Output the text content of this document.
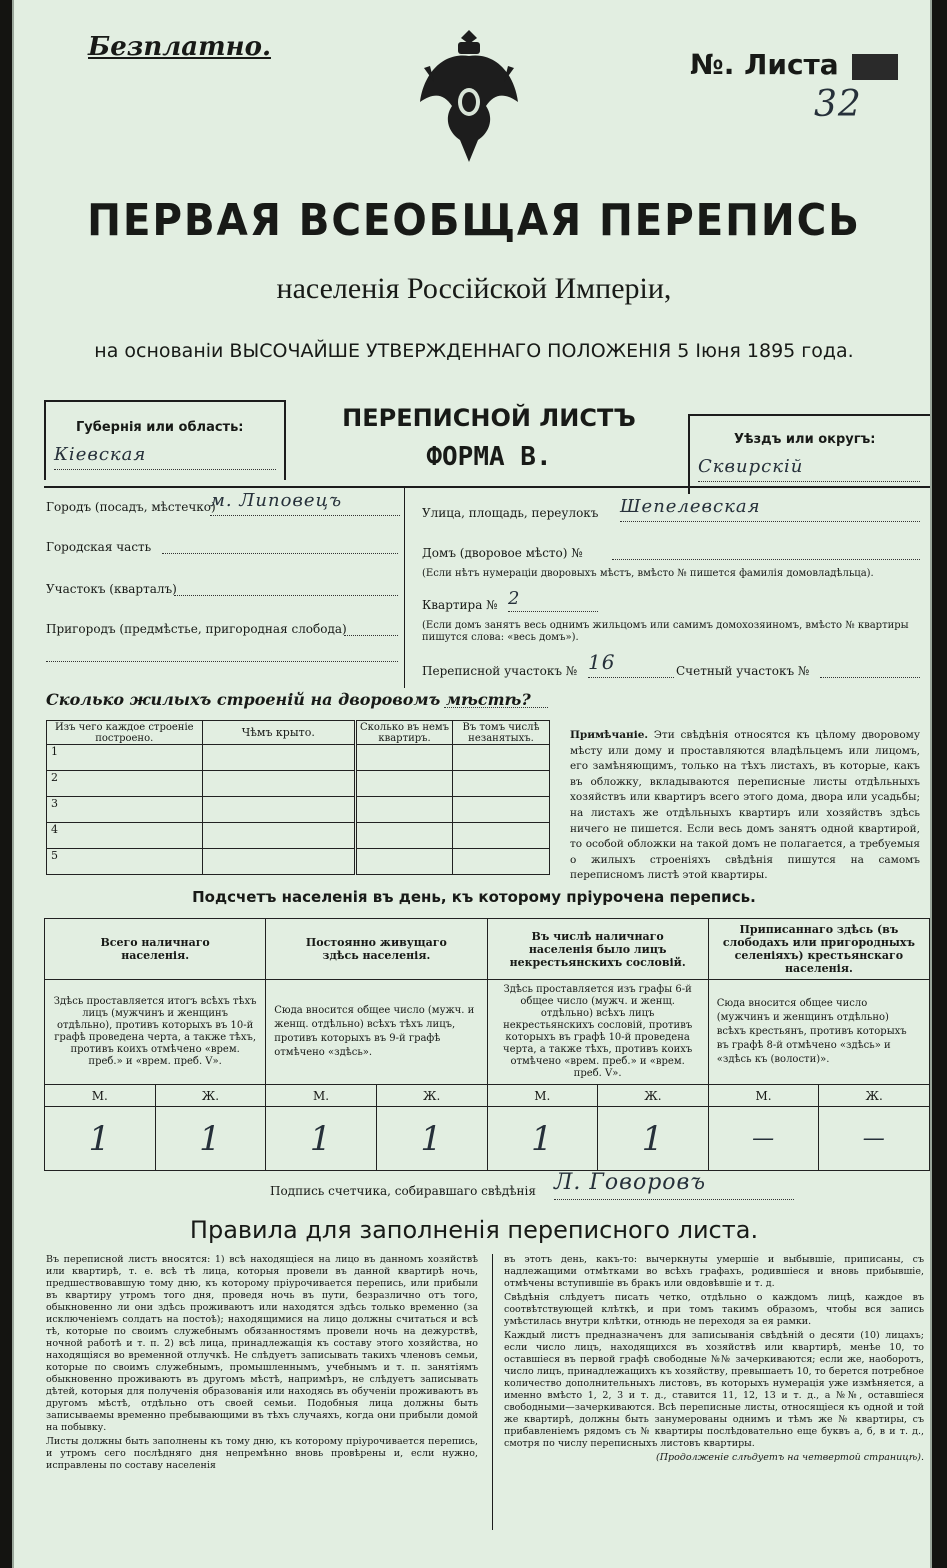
Безплатно.
№. Листа
32
ПЕРВАЯ ВСЕОБЩАЯ ПЕРЕПИСЬ
населенія Россійской Имперіи,
на основаніи ВЫСОЧАЙШЕ УТВЕРЖДЕННАГО ПОЛОЖЕНІЯ 5 Іюня 1895 года.
Губернія или область:
Кіевская
ПЕРЕПИСНОЙ ЛИСТЪ
ФОРМА В.
Уѣздъ или округъ:
Сквирскій
Городъ (посадъ, мѣстечко)
м. Липовецъ
Городская часть
Участокъ (кварталъ)
Пригородъ (предмѣстье, пригородная слобода)
Улица, площадь, переулокъ Шепелевская
Домъ (дворовое мѣсто) №
(Если нѣтъ нумераціи дворовыхъ мѣстъ, вмѣсто № пишется фамилія домовладѣльца).
Квартира № 2
(Если домъ занятъ весь однимъ жильцомъ или самимъ домохозяиномъ, вмѣсто № квартиры пишутся слова: «весь домъ»).
Переписной участокъ № 16	Счетный участокъ №
Сколько жилыхъ строеній на дворовомъ мѣстѣ?
Изъ чего каждое строеніе построено.	Чѣмъ крыто.	Сколько въ немъ квартиръ.	Въ томъ числѣ незанятыхъ.
1			
2			
3			
4			
5			
Примѣчаніе. Эти свѣдѣнія относятся къ цѣлому дворовому мѣсту или дому и проставляются владѣльцемъ или лицомъ, его замѣняющимъ, только на тѣхъ листахъ, въ которые, какъ въ обложку, вкладываются переписные листы отдѣльныхъ хозяйствъ или квартиръ всего этого дома, двора или усадьбы; на листахъ же отдѣльныхъ квартиръ или хозяйствъ здѣсь ничего не пишется. Если весь домъ занятъ одной квартирой, то особой обложки на такой домъ не полагается, а требуемыя о жилыхъ строеніяхъ свѣдѣнія пишутся на самомъ переписномъ листѣ этой квартиры.
Подсчетъ населенія въ день, къ которому пріурочена перепись.
Всего наличнаго населенія.		Постоянно живущаго здѣсь населенія.		Въ числѣ наличнаго населенія было лицъ некрестьянскихъ сословій.		Приписаннаго здѣсь (въ слободахъ или пригородныхъ селеніяхъ) крестьянскаго населенія.	
Здѣсь проставляется итогъ всѣхъ тѣхъ лицъ (мужчинъ и женщинъ отдѣльно), противъ которыхъ въ 10-й графѣ проведена черта, а также тѣхъ, противъ коихъ отмѣчено «врем. преб.» и «врем. преб. V».		Сюда вносится общее число (мужч. и женщ. отдѣльно) всѣхъ тѣхъ лицъ, противъ которыхъ въ 9-й графѣ отмѣчено «здѣсь».		Здѣсь проставляется изъ графы 6-й общее число (мужч. и женщ. отдѣльно) всѣхъ лицъ некрестьянскихъ сословій, противъ которыхъ въ графѣ 10-й проведена черта, а также тѣхъ, противъ коихъ отмѣчено «врем. преб.» и «врем. преб. V».		Сюда вносится общее число (мужчинъ и женщинъ отдѣльно) всѣхъ крестьянъ, противъ которыхъ въ графѣ 8-й отмѣчено «здѣсь» и «здѣсь къ (волости)».	
М.	Ж.	М.	Ж.	М.	Ж.	М.	Ж.
1	1	1	1	1	1	—	—
Подпись счетчика, собиравшаго свѣдѣнія Л. Говоровъ
Правила для заполненія переписного листа.

Въ переписной листъ вносятся: 1) всѣ находящіеся на лицо въ данномъ хозяйствѣ или квартирѣ, т. е. всѣ тѣ лица, которыя провели въ данной квартирѣ ночь, предшествовавшую тому дню, къ которому пріурочивается перепись, или прибыли въ квартиру утромъ того дня, проведя ночь въ пути, безразлично отъ того, обыкновенно ли они здѣсь проживаютъ или находятся здѣсь только временно (за исключеніемъ солдатъ на постоѣ); находящимися на лицо должны считаться и всѣ тѣ, которые по своимъ служебнымъ обязанностямъ провели ночь на дежурствѣ, ночной работѣ и т. п. 2) всѣ лица, принадлежащія къ составу этого хозяйства, но находящіяся во временной отлучкѣ. Не слѣдуетъ записывать такихъ членовъ семьи, которые по своимъ служебнымъ, промышленнымъ, учебнымъ и т. п. занятіямъ обыкновенно проживаютъ въ другомъ мѣстѣ, напримѣръ, не слѣдуетъ записывать дѣтей, которыя для полученія образованія или находясь въ обученіи проживаютъ въ другомъ мѣстѣ, отдѣльно отъ своей семьи. Подобныя лица должны быть записываемы временно пребывающими въ тѣхъ случаяхъ, когда они прибыли домой на побывку.

Листы должны быть заполнены къ тому дню, къ которому пріурочивается перепись, и утромъ сего послѣдняго дня непремѣнно вновь провѣрены и, если нужно, исправлены по составу населенія

въ этотъ день, какъ-то: вычеркнуты умершіе и выбывшіе, приписаны, съ надлежащими отмѣтками во всѣхъ графахъ, родившіеся и вновь прибывшіе, отмѣчены вступившіе въ бракъ или овдовѣвшіе и т. д.

Свѣдѣнія слѣдуетъ писать четко, отдѣльно о каждомъ лицѣ, каждое въ соотвѣтствующей клѣткѣ, и при томъ такимъ образомъ, чтобы вся запись умѣстилась внутри клѣтки, отнюдь не переходя за ея рамки.

Каждый листъ предназначенъ для записыванія свѣдѣній о десяти (10) лицахъ; если число лицъ, находящихся въ хозяйствѣ или квартирѣ, менѣе 10, то оставшіеся въ первой графѣ свободные №№ зачеркиваются; если же, наоборотъ, число лицъ, принадлежащихъ къ хозяйству, превышаетъ 10, то берется потребное количество дополнительныхъ листовъ, въ которыхъ нумерація уже измѣняется, а именно вмѣсто 1, 2, 3 и т. д., ставится 11, 12, 13 и т. д., а №№, оставшіеся свободными—зачеркиваются. Всѣ переписные листы, относящіеся къ одной и той же квартирѣ, должны быть занумерованы однимъ и тѣмъ же № квартиры, съ прибавленіемъ рядомъ съ № квартиры послѣдовательно еще буквъ а, б, в и т. д., смотря по числу переписныхъ листовъ квартиры.

(Продолженіе слѣдуетъ на четвертой страницѣ).
